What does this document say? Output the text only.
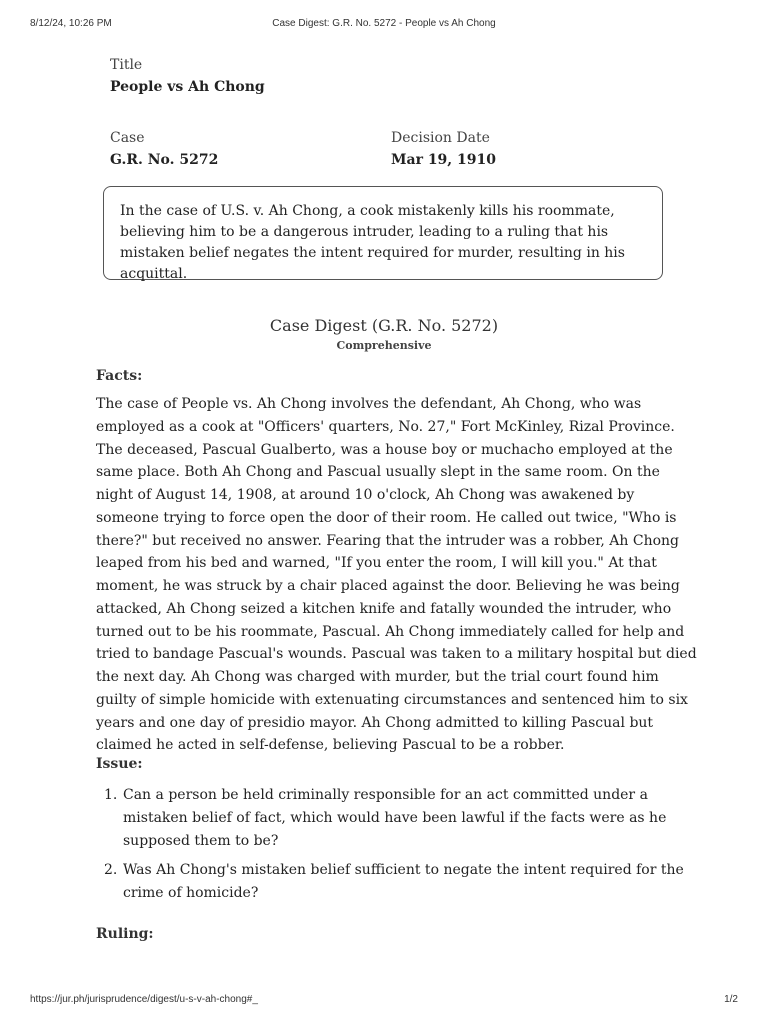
8/12/24, 10:26 PM	Case Digest: G.R. No. 5272 - People vs Ah Chong
Title
People vs Ah Chong
Case
G.R. No. 5272
Decision Date
Mar 19, 1910
In the case of U.S. v. Ah Chong, a cook mistakenly kills his roommate, believing him to be a dangerous intruder, leading to a ruling that his mistaken belief negates the intent required for murder, resulting in his acquittal.
Case Digest (G.R. No. 5272)
Comprehensive
Facts:
The case of People vs. Ah Chong involves the defendant, Ah Chong, who was employed as a cook at "Officers' quarters, No. 27," Fort McKinley, Rizal Province. The deceased, Pascual Gualberto, was a house boy or muchacho employed at the same place. Both Ah Chong and Pascual usually slept in the same room. On the night of August 14, 1908, at around 10 o'clock, Ah Chong was awakened by someone trying to force open the door of their room. He called out twice, "Who is there?" but received no answer. Fearing that the intruder was a robber, Ah Chong leaped from his bed and warned, "If you enter the room, I will kill you." At that moment, he was struck by a chair placed against the door. Believing he was being attacked, Ah Chong seized a kitchen knife and fatally wounded the intruder, who turned out to be his roommate, Pascual. Ah Chong immediately called for help and tried to bandage Pascual's wounds. Pascual was taken to a military hospital but died the next day. Ah Chong was charged with murder, but the trial court found him guilty of simple homicide with extenuating circumstances and sentenced him to six years and one day of presidio mayor. Ah Chong admitted to killing Pascual but claimed he acted in self-defense, believing Pascual to be a robber.
Issue:
1. Can a person be held criminally responsible for an act committed under a mistaken belief of fact, which would have been lawful if the facts were as he supposed them to be?
2. Was Ah Chong's mistaken belief sufficient to negate the intent required for the crime of homicide?
Ruling:
https://jur.ph/jurisprudence/digest/u-s-v-ah-chong#_	1/2
